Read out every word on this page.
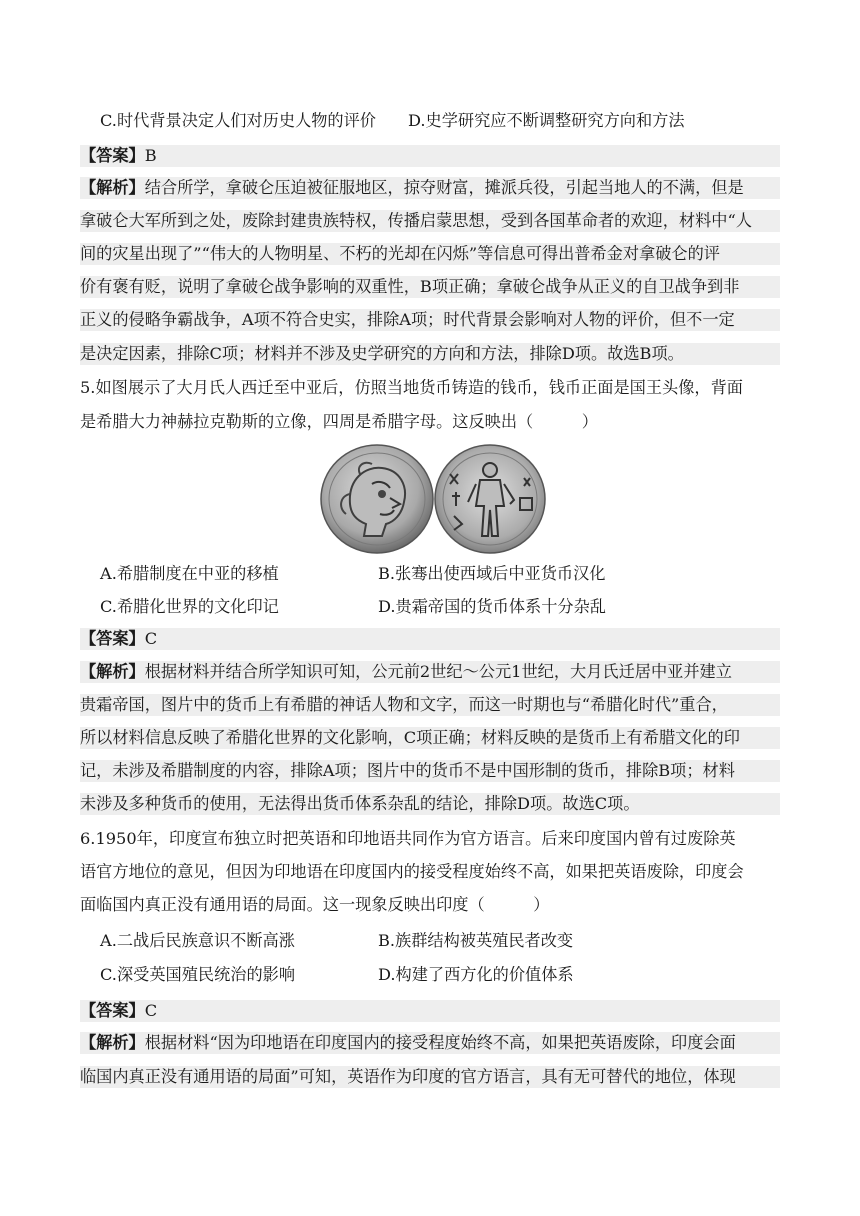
C.时代背景决定人们对历史人物的评价 D.史学研究应不断调整研究方向和方法
【答案】B
【解析】结合所学，拿破仑压迫被征服地区，掠夺财富，摊派兵役，引起当地人的不满，但是
拿破仑大军所到之处，废除封建贵族特权，传播启蒙思想，受到各国革命者的欢迎，材料中“人
间的灾星出现了”“伟大的人物明星、不朽的光却在闪烁”等信息可得出普希金对拿破仑的评
价有褒有贬，说明了拿破仑战争影响的双重性，B项正确；拿破仑战争从正义的自卫战争到非
正义的侵略争霸战争，A项不符合史实，排除A项；时代背景会影响对人物的评价，但不一定
是决定因素，排除C项；材料并不涉及史学研究的方向和方法，排除D项。故选B项。
5.如图展示了大月氏人西迁至中亚后，仿照当地货币铸造的钱币，钱币正面是国王头像，背面
是希腊大力神赫拉克勒斯的立像，四周是希腊字母。这反映出（　　　）
A.希腊制度在中亚的移植	B.张骞出使西域后中亚货币汉化
C.希腊化世界的文化印记	D.贵霜帝国的货币体系十分杂乱
【答案】C
【解析】根据材料并结合所学知识可知，公元前2世纪～公元1世纪，大月氏迁居中亚并建立
贵霜帝国，图片中的货币上有希腊的神话人物和文字，而这一时期也与“希腊化时代”重合，
所以材料信息反映了希腊化世界的文化影响，C项正确；材料反映的是货币上有希腊文化的印
记，未涉及希腊制度的内容，排除A项；图片中的货币不是中国形制的货币，排除B项；材料
未涉及多种货币的使用，无法得出货币体系杂乱的结论，排除D项。故选C项。
6.1950年，印度宣布独立时把英语和印地语共同作为官方语言。后来印度国内曾有过废除英
语官方地位的意见，但因为印地语在印度国内的接受程度始终不高，如果把英语废除，印度会
面临国内真正没有通用语的局面。这一现象反映出印度（　　　）
A.二战后民族意识不断高涨	B.族群结构被英殖民者改变
C.深受英国殖民统治的影响	D.构建了西方化的价值体系
【答案】C
【解析】根据材料“因为印地语在印度国内的接受程度始终不高，如果把英语废除，印度会面
临国内真正没有通用语的局面”可知，英语作为印度的官方语言，具有无可替代的地位，体现
